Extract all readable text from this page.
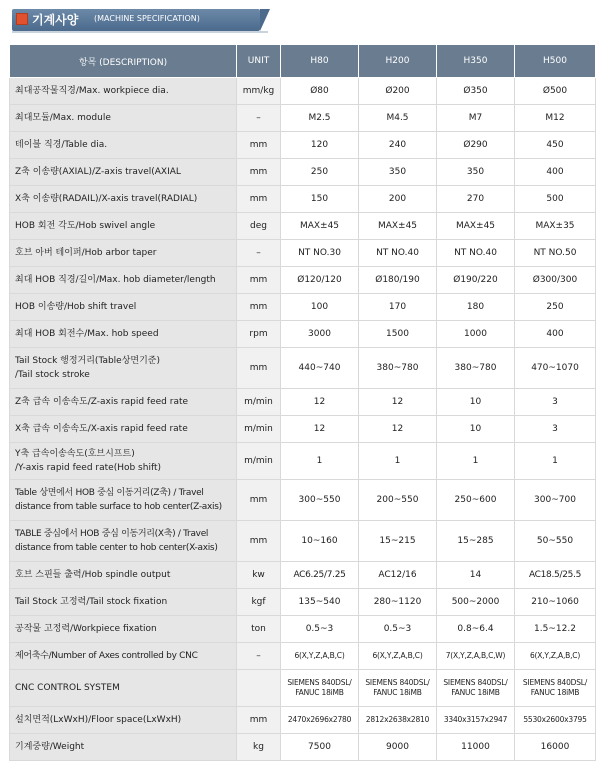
기계사양 (MACHINE SPECIFICATION)
항목 (DESCRIPTION)	UNIT	H80	H200	H350	H500
최대공작물직경/Max. workpiece dia.	mm/kg	Ø80	Ø200	Ø350	Ø500
최대모듈/Max. module	–	M2.5	M4.5	M7	M12
테이블 직경/Table dia.	mm	120	240	Ø290	450
Z축 이송량(AXIAL)/Z-axis travel(AXIAL	mm	250	350	350	400
X축 이송량(RADAIL)/X-axis travel(RADIAL)	mm	150	200	270	500
HOB 회전 각도/Hob swivel angle	deg	MAX±45	MAX±45	MAX±45	MAX±35
호브 아버 테이퍼/Hob arbor taper	–	NT NO.30	NT NO.40	NT NO.40	NT NO.50
최대 HOB 직경/길이/Max. hob diameter/length	mm	Ø120/120	Ø180/190	Ø190/220	Ø300/300
HOB 이송량/Hob shift travel	mm	100	170	180	250
최대 HOB 회전수/Max. hob speed	rpm	3000	1500	1000	400
Tail Stock 행정거리(Table상면기준)
/Tail stock stroke	mm	440~740	380~780	380~780	470~1070
Z축 급속 이송속도/Z-axis rapid feed rate	m/min	12	12	10	3
X축 급속 이송속도/X-axis rapid feed rate	m/min	12	12	10	3
Y축 급속이송속도(호브시프트)
/Y-axis rapid feed rate(Hob shift)	m/min	1	1	1	1
Table 상면에서 HOB 중심 이동거리(Z축) / Travel
distance from table surface to hob center(Z-axis)	mm	300~550	200~550	250~600	300~700
TABLE 중심에서 HOB 중심 이동거리(X축) / Travel
distance from table center to hob center(X-axis)	mm	10~160	15~215	15~285	50~550
호브 스핀들 출력/Hob spindle output	kw	AC6.25/7.25	AC12/16	14	AC18.5/25.5
Tail Stock 고정력/Tail stock fixation	kgf	135~540	280~1120	500~2000	210~1060
공작물 고정력/Workpiece fixation	ton	0.5~3	0.5~3	0.8~6.4	1.5~12.2
제어축수/Number of Axes controlled by CNC	–	6(X,Y,Z,A,B,C)	6(X,Y,Z,A,B,C)	7(X,Y,Z,A,B,C,W)	6(X,Y,Z,A,B,C)
CNC CONTROL SYSTEM		SIEMENS 840DSL/ FANUC 18iMB	SIEMENS 840DSL/ FANUC 18iMB	SIEMENS 840DSL/ FANUC 18iMB	SIEMENS 840DSL/ FANUC 18iMB
설치면적(LxWxH)/Floor space(LxWxH)	mm	2470x2696x2780	2812x2638x2810	3340x3157x2947	5530x2600x3795
기계중량/Weight	kg	7500	9000	11000	16000
